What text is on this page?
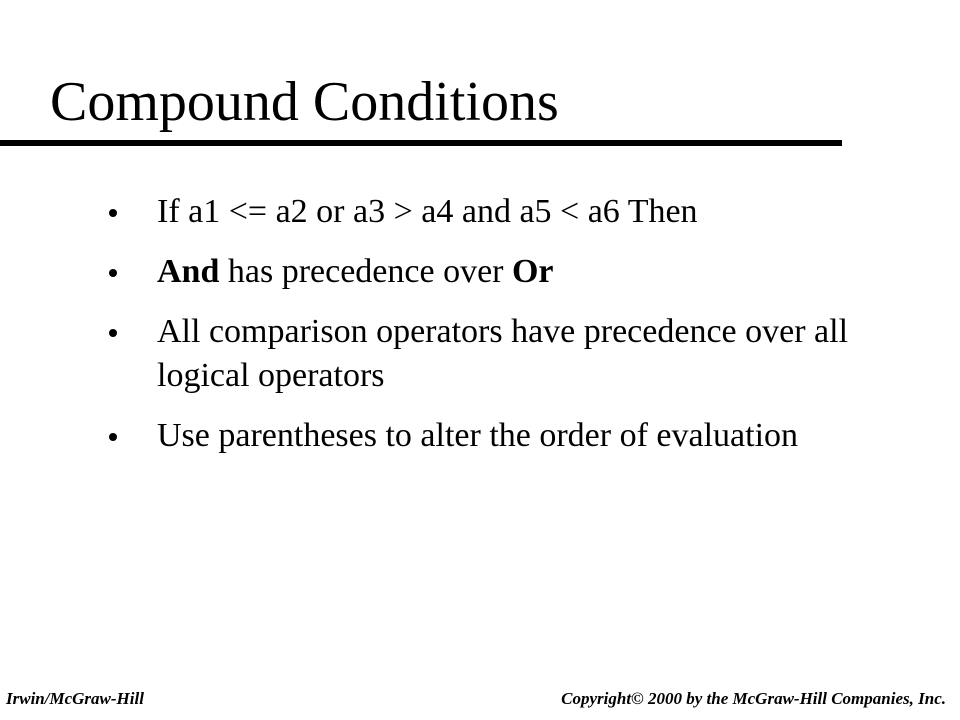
Compound Conditions
If a1 <= a2 or a3 > a4 and a5 < a6 Then
And has precedence over Or
All comparison operators have precedence over all logical operators
Use parentheses to alter the order of evaluation
Irwin/McGraw-Hill	Copyright© 2000 by the McGraw-Hill Companies, Inc.
